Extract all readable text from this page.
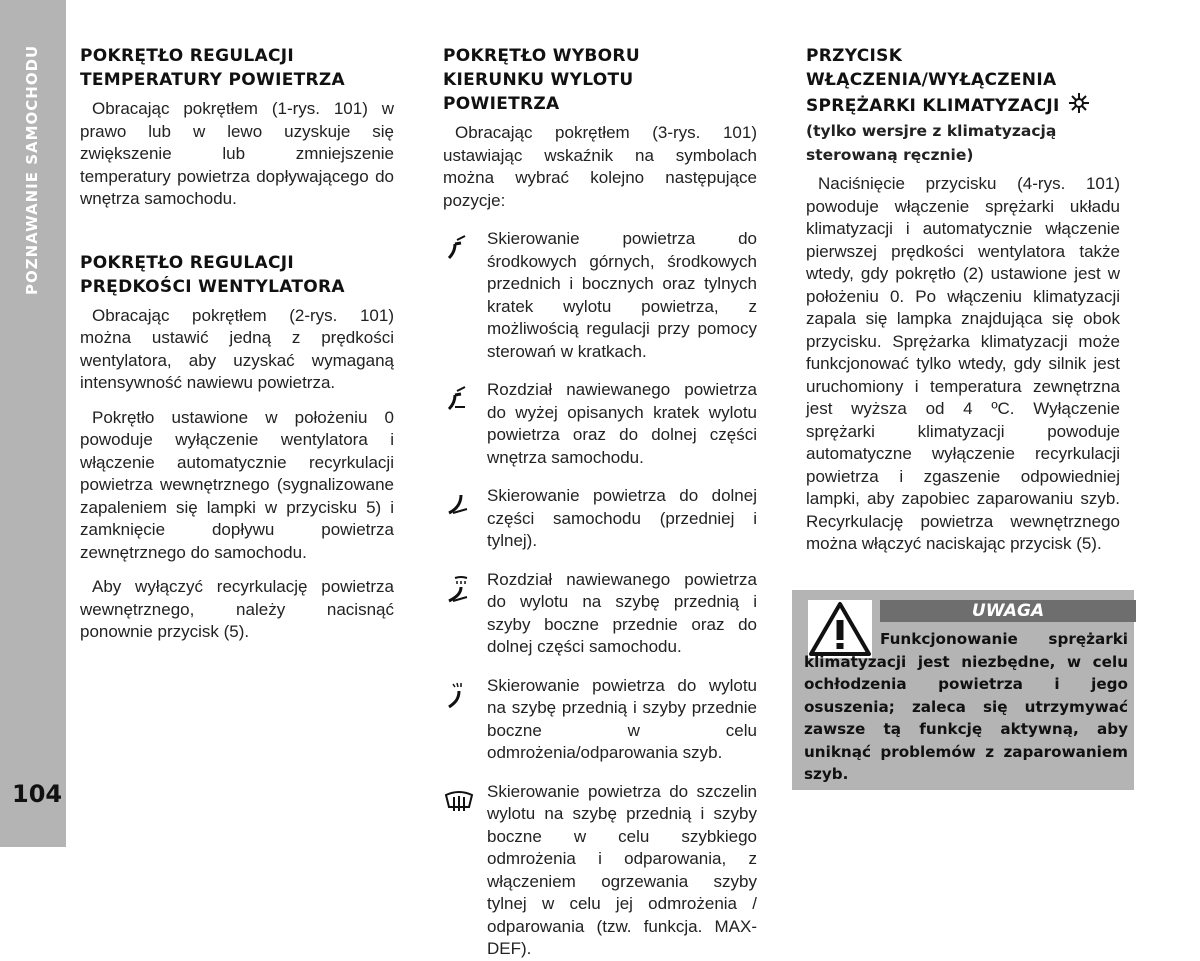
POZNAWANIE SAMOCHODU
104
POKRĘTŁO REGULACJI
TEMPERATURY POWIETRZA

Obracając pokrętłem (1-rys. 101) w prawo lub w lewo uzyskuje się zwiększenie lub zmniejszenie temperatury powietrza dopływającego do wnętrza samochodu.

POKRĘTŁO REGULACJI
PRĘDKOŚCI WENTYLATORA

Obracając pokrętłem (2-rys. 101) można ustawić jedną z prędkości wentylatora, aby uzyskać wymaganą intensywność nawiewu powietrza.

Pokrętło ustawione w położeniu 0 powoduje wyłączenie wentylatora i włączenie automatycznie recyrkulacji powietrza wewnętrznego (sygnalizowane zapaleniem się lampki w przycisku 5) i zamknięcie dopływu powietrza zewnętrznego do samochodu.

Aby wyłączyć recyrkulację powietrza wewnętrznego, należy nacisnąć ponownie przycisk (5).

POKRĘTŁO WYBORU
KIERUNKU WYLOTU
POWIETRZA

Obracając pokrętłem (3-rys. 101) ustawiając wskaźnik na symbolach można wybrać kolejno następujące pozycje:

Skierowanie powietrza do środkowych górnych, środkowych przednich i bocznych oraz tylnych kratek wylotu powietrza, z możliwością regulacji przy pomocy sterowań w kratkach.

Rozdział nawiewanego powietrza do wyżej opisanych kratek wylotu powietrza oraz do dolnej części wnętrza samochodu.

Skierowanie powietrza do dolnej części samochodu (przedniej i tylnej).

Rozdział nawiewanego powietrza do wylotu na szybę przednią i szyby boczne przednie oraz do dolnej części samochodu.

Skierowanie powietrza do wylotu na szybę przednią i szyby przednie boczne w celu odmrożenia/odparowania szyb.

Skierowanie powietrza do szczelin wylotu na szybę przednią i szyby boczne w celu szybkiego odmrożenia i odparowania, z włączeniem ogrzewania szyby tylnej w celu jej odmrożenia / odparowania (tzw. funkcja. MAX-DEF).

PRZYCISK
WŁĄCZENIA/WYŁĄCZENIA
SPRĘŻARKI KLIMATYZACJI

(tylko wersjre z klimatyzacją

sterowaną ręcznie)

Naciśnięcie przycisku (4-rys. 101) powoduje włączenie sprężarki układu klimatyzacji i automatycznie włączenie pierwszej prędkości wentylatora także wtedy, gdy pokrętło (2) ustawione jest w położeniu 0. Po włączeniu klimatyzacji zapala się lampka znajdująca się obok przycisku. Sprężarka klimatyzacji może funkcjonować tylko wtedy, gdy silnik jest uruchomiony i temperatura zewnętrzna jest wyższa od 4 ºC. Wyłączenie sprężarki klimatyzacji powoduje automatyczne wyłączenie recyrkulacji powietrza i zgaszenie odpowiedniej lampki, aby zapobiec zaparowaniu szyb. Recyrkulację powietrza wewnętrznego można włączyć naciskając przycisk (5).

UWAGA
Funkcjonowanie sprężarki klimatyzacji jest niezbędne, w celu ochłodzenia powietrza i jego osuszenia; zaleca się utrzymywać zawsze tą funkcję aktywną, aby uniknąć problemów z zaparowaniem szyb.
